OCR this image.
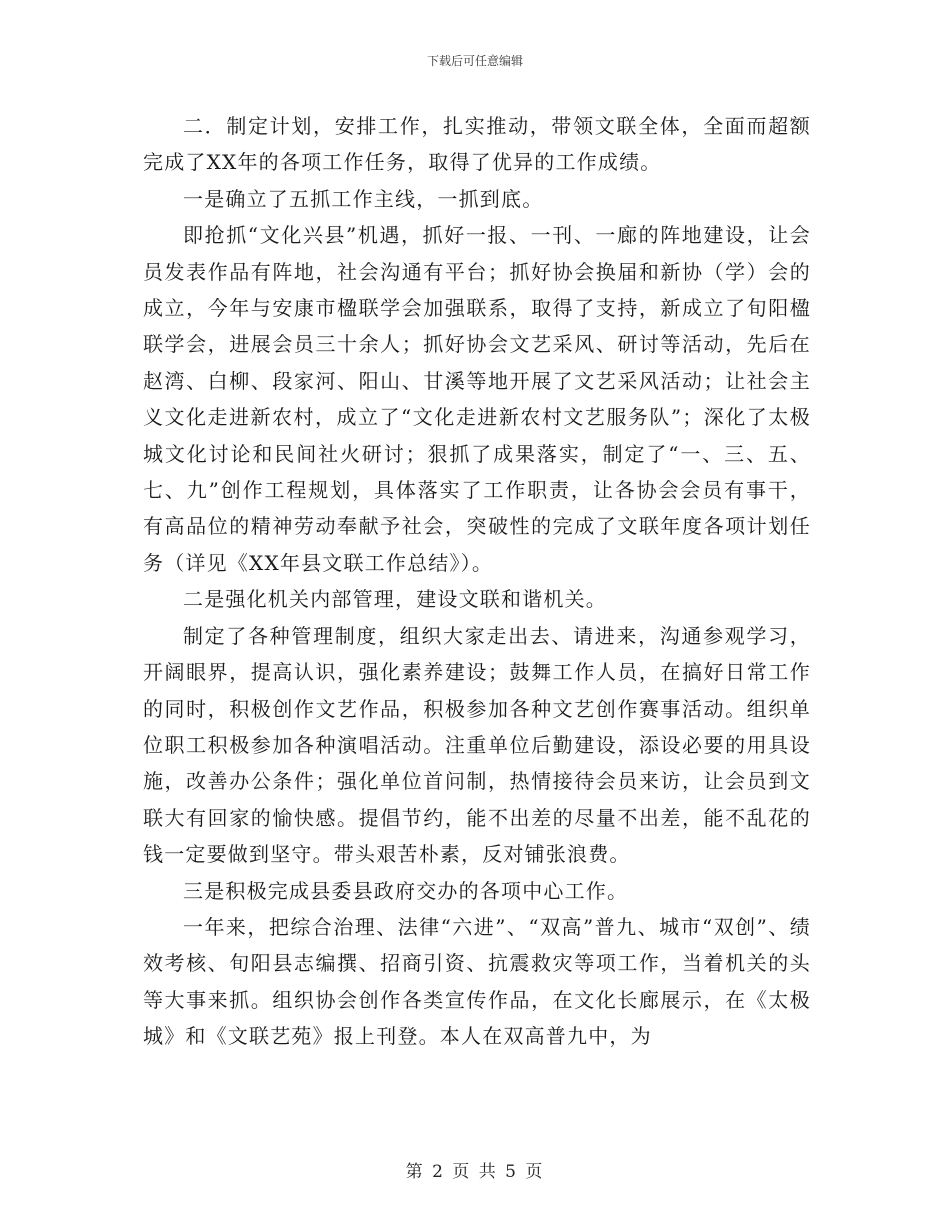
下载后可任意编辑

二．制定计划，安排工作，扎实推动，带领文联全体，全面而超额完成了XX年的各项工作任务，取得了优异的工作成绩。

一是确立了五抓工作主线，一抓到底。

即抢抓“文化兴县”机遇，抓好一报、一刊、一廊的阵地建设，让会员发表作品有阵地，社会沟通有平台；抓好协会换届和新协（学）会的成立，今年与安康市楹联学会加强联系，取得了支持，新成立了旬阳楹联学会，进展会员三十余人；抓好协会文艺采风、研讨等活动，先后在赵湾、白柳、段家河、阳山、甘溪等地开展了文艺采风活动；让社会主义文化走进新农村，成立了“文化走进新农村文艺服务队”；深化了太极城文化讨论和民间社火研讨；狠抓了成果落实，制定了“一、三、五、七、九”创作工程规划，具体落实了工作职责，让各协会会员有事干，有高品位的精神劳动奉献予社会，突破性的完成了文联年度各项计划任务（详见《XX年县文联工作总结》）。

二是强化机关内部管理，建设文联和谐机关。

制定了各种管理制度，组织大家走出去、请进来，沟通参观学习，开阔眼界，提高认识，强化素养建设；鼓舞工作人员，在搞好日常工作的同时，积极创作文艺作品，积极参加各种文艺创作赛事活动。组织单位职工积极参加各种演唱活动。注重单位后勤建设，添设必要的用具设施，改善办公条件；强化单位首问制，热情接待会员来访，让会员到文联大有回家的愉快感。提倡节约，能不出差的尽量不出差，能不乱花的钱一定要做到坚守。带头艰苦朴素，反对铺张浪费。

三是积极完成县委县政府交办的各项中心工作。

一年来，把综合治理、法律“六进”、“双高”普九、城市“双创”、绩效考核、旬阳县志编撰、招商引资、抗震救灾等项工作，当着机关的头等大事来抓。组织协会创作各类宣传作品，在文化长廊展示，在《太极城》和《文联艺苑》报上刊登。本人在双高普九中，为

第 2 页 共 5 页
